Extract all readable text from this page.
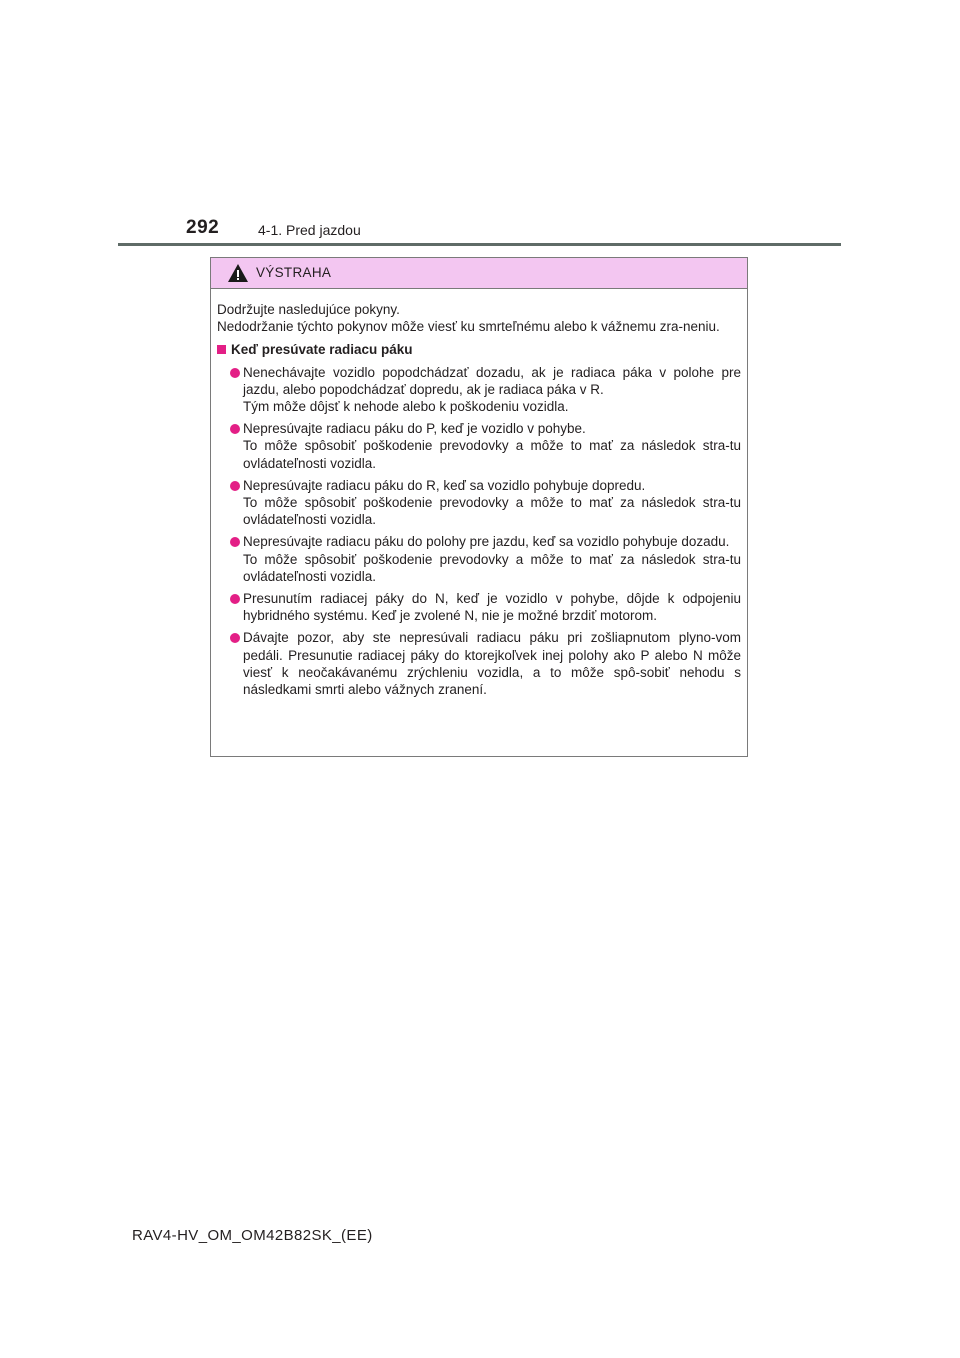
292	4-1. Pred jazdou
VÝSTRAHA

Dodržujte nasledujúce pokyny.

Nedodržanie týchto pokynov môže viesť ku smrteľnému alebo k vážnemu zra-neniu.

Keď presúvate radiacu páku

Nenechávajte vozidlo popodchádzať dozadu, ak je radiaca páka v polohe pre jazdu, alebo popodchádzať dopredu, ak je radiaca páka v R.

Tým môže dôjsť k nehode alebo k poškodeniu vozidla.

Nepresúvajte radiacu páku do P, keď je vozidlo v pohybe.

To môže spôsobiť poškodenie prevodovky a môže to mať za následok stra-tu ovládateľnosti vozidla.

Nepresúvajte radiacu páku do R, keď sa vozidlo pohybuje dopredu.

To môže spôsobiť poškodenie prevodovky a môže to mať za následok stra-tu ovládateľnosti vozidla.

Nepresúvajte radiacu páku do polohy pre jazdu, keď sa vozidlo pohybuje dozadu.

To môže spôsobiť poškodenie prevodovky a môže to mať za následok stra-tu ovládateľnosti vozidla.

Presunutím radiacej páky do N, keď je vozidlo v pohybe, dôjde k odpojeniu hybridného systému. Keď je zvolené N, nie je možné brzdiť motorom.

Dávajte pozor, aby ste nepresúvali radiacu páku pri zošliapnutom plyno-vom pedáli. Presunutie radiacej páky do ktorejkoľvek inej polohy ako P alebo N môže viesť k neočakávanému zrýchleniu vozidla, a to môže spô-sobiť nehodu s následkami smrti alebo vážnych zranení.

RAV4-HV_OM_OM42B82SK_(EE)
